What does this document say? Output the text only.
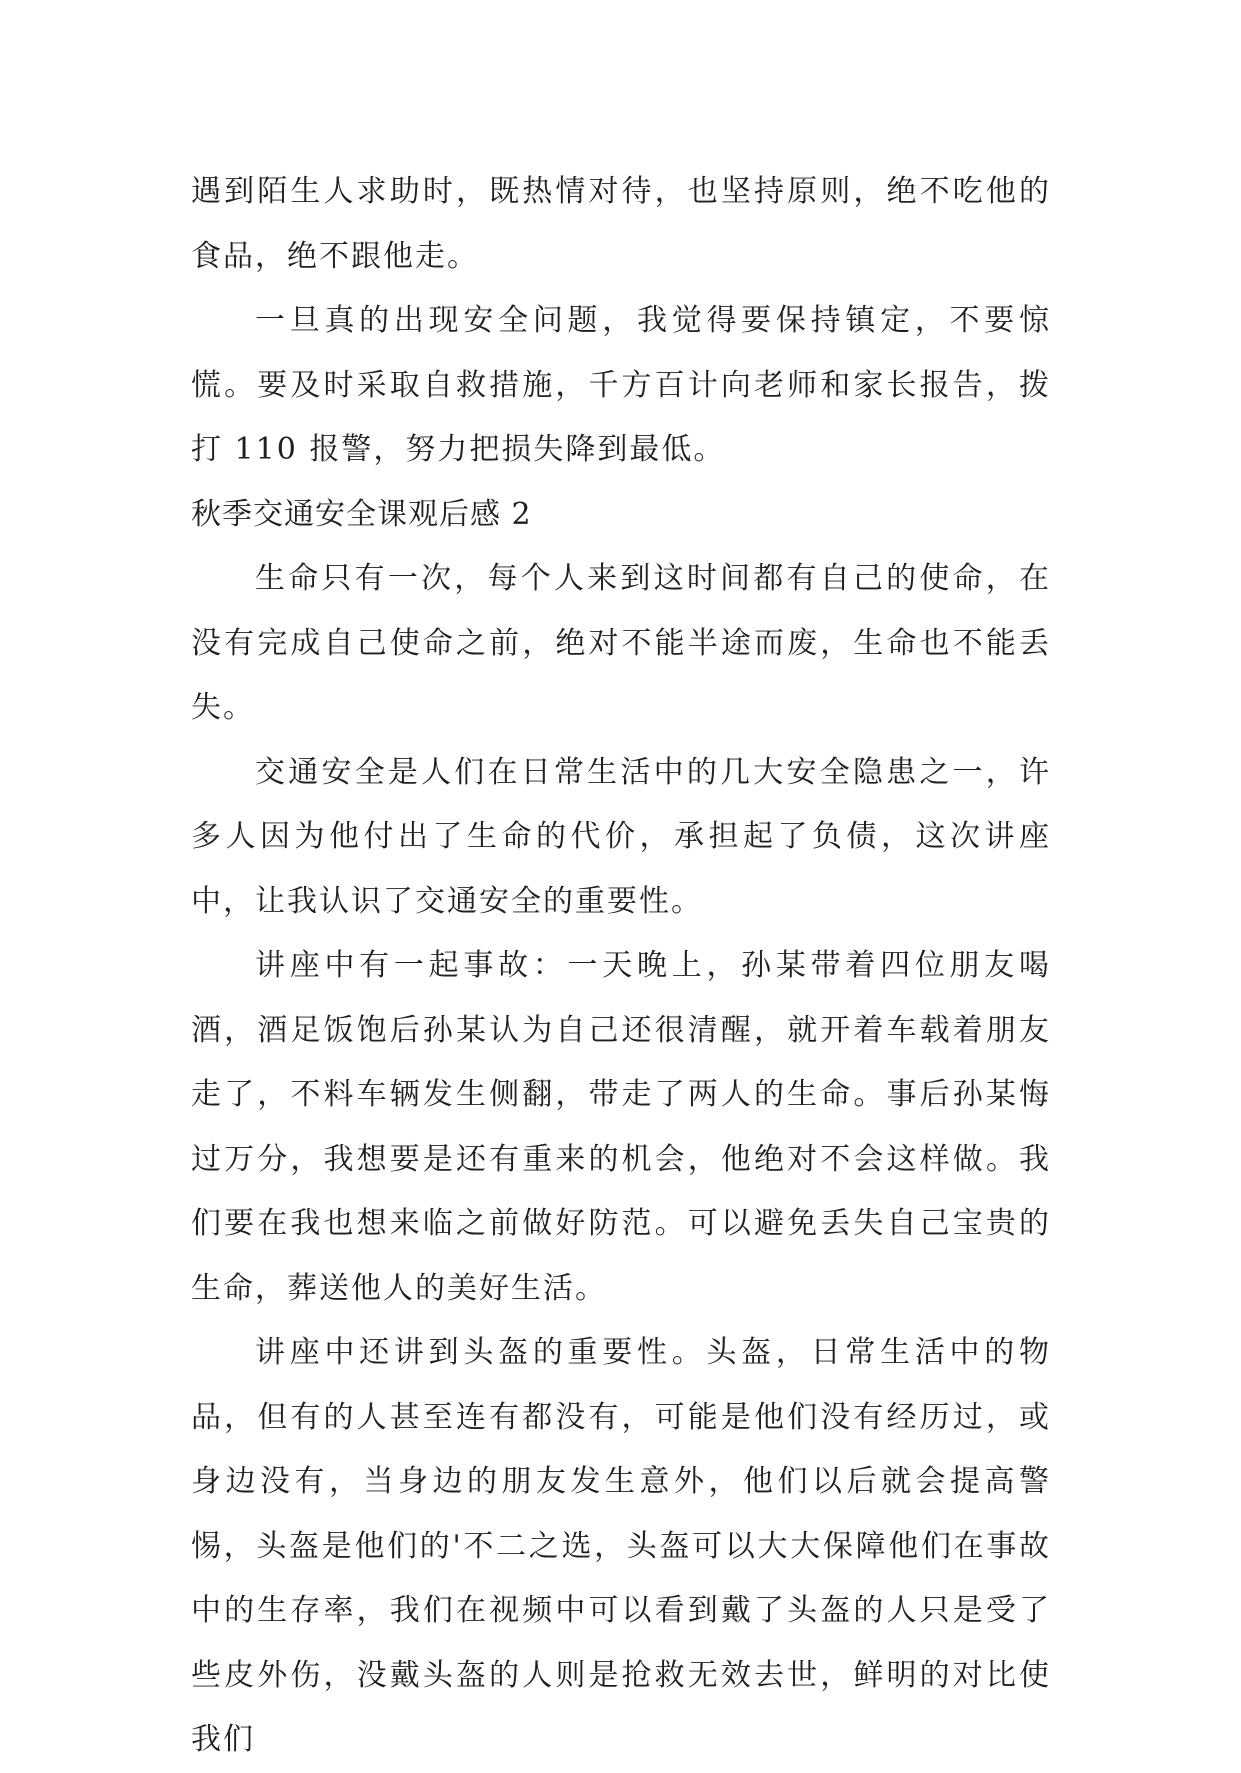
遇到陌生人求助时，既热情对待，也坚持原则，绝不吃他的食品，绝不跟他走。

一旦真的出现安全问题，我觉得要保持镇定，不要惊慌。要及时采取自救措施，千方百计向老师和家长报告，拨打 110 报警，努力把损失降到最低。

秋季交通安全课观后感 2

生命只有一次，每个人来到这时间都有自己的使命，在没有完成自己使命之前，绝对不能半途而废，生命也不能丢失。

交通安全是人们在日常生活中的几大安全隐患之一，许多人因为他付出了生命的代价，承担起了负债，这次讲座中，让我认识了交通安全的重要性。

讲座中有一起事故：一天晚上，孙某带着四位朋友喝酒，酒足饭饱后孙某认为自己还很清醒，就开着车载着朋友走了，不料车辆发生侧翻，带走了两人的生命。事后孙某悔过万分，我想要是还有重来的机会，他绝对不会这样做。我们要在我也想来临之前做好防范。可以避免丢失自己宝贵的生命，葬送他人的美好生活。

讲座中还讲到头盔的重要性。头盔，日常生活中的物品，但有的人甚至连有都没有，可能是他们没有经历过，或身边没有，当身边的朋友发生意外，他们以后就会提高警惕，头盔是他们的'不二之选，头盔可以大大保障他们在事故中的生存率，我们在视频中可以看到戴了头盔的人只是受了些皮外伤，没戴头盔的人则是抢救无效去世，鲜明的对比使我们
